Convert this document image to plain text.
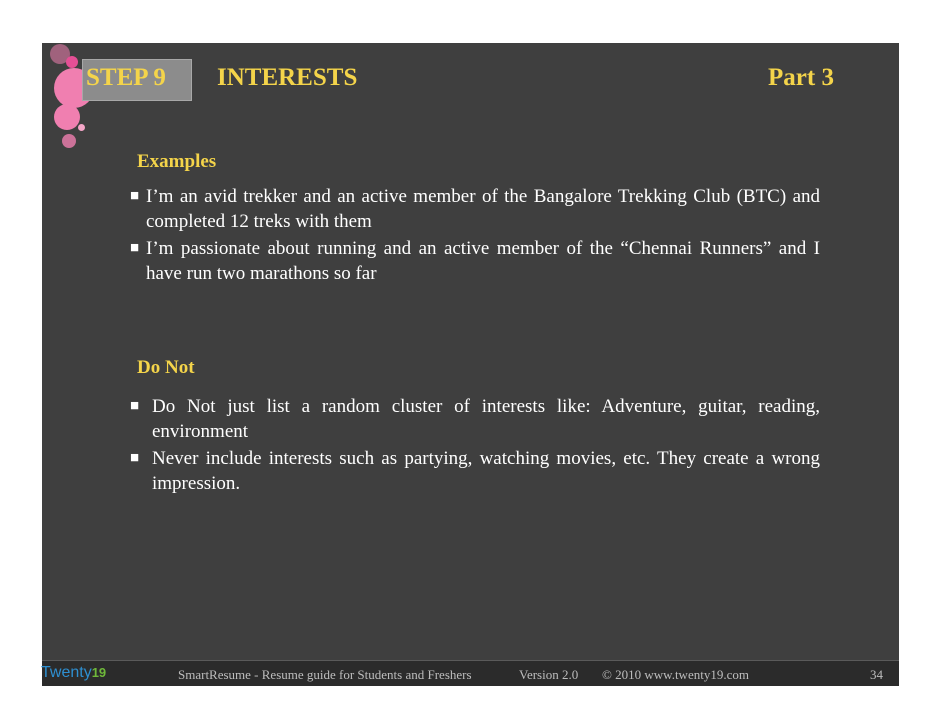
STEP 9 INTERESTS	Part 3
Examples
■ I’m an avid trekker and an active member of the Bangalore Trekking Club (BTC) and completed 12 treks with them
■ I’m passionate about running and an active member of the “Chennai Runners” and I have run two marathons so far
Do Not
■ Do Not just list a random cluster of interests like: Adventure, guitar, reading, environment
■ Never include interests such as partying, watching movies, etc. They create a wrong impression.
Twenty19	SmartResume - Resume guide for Students and Freshers	Version 2.0 © 2010 www.twenty19.com	34
